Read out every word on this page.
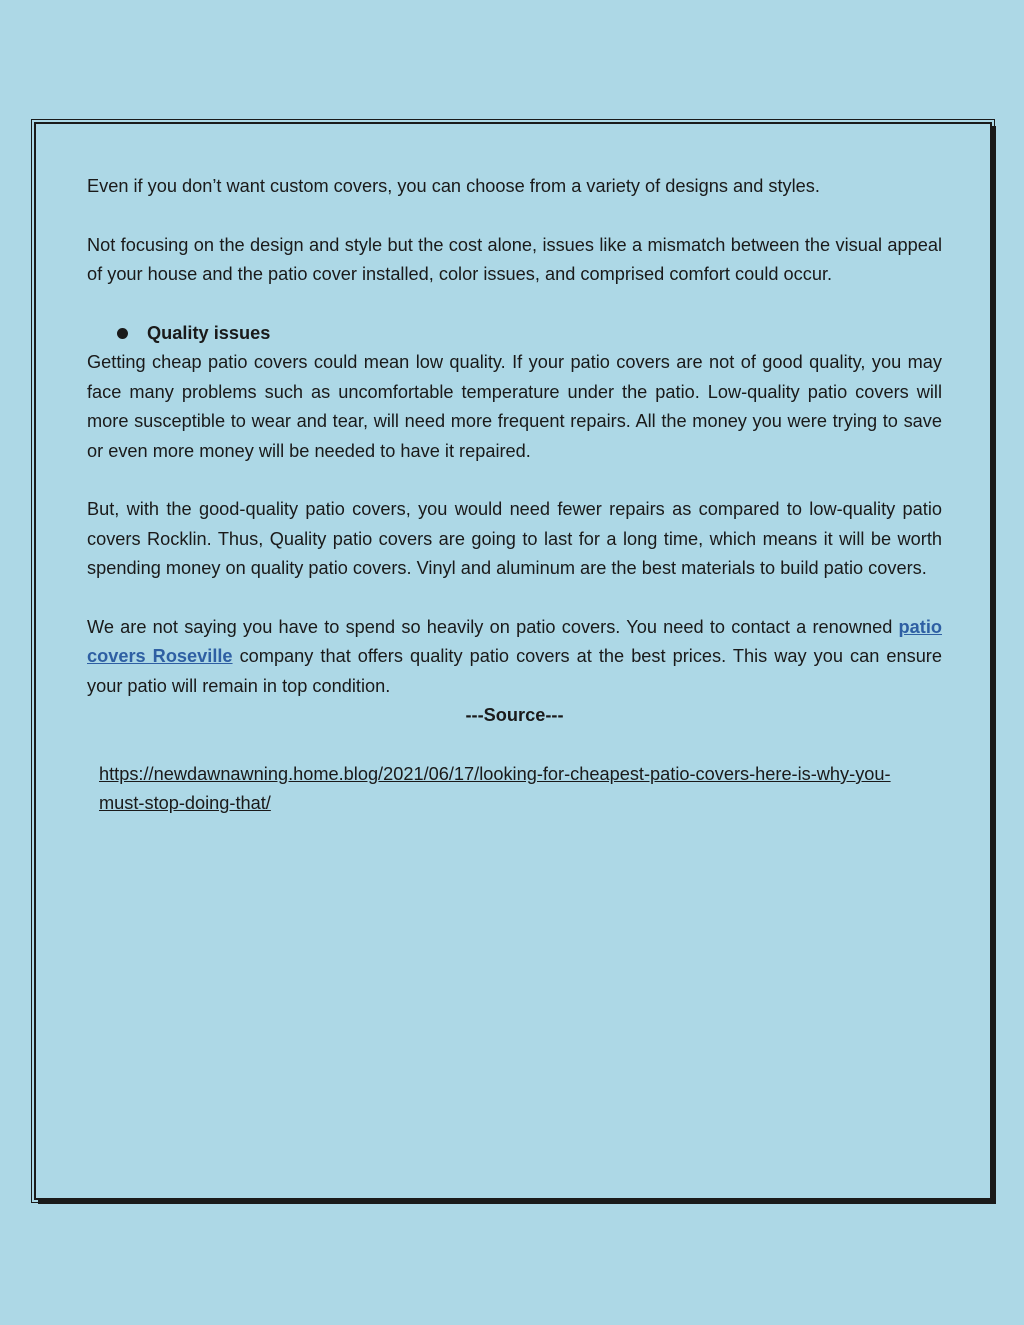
Even if you don’t want custom covers, you can choose from a variety of designs and styles.

Not focusing on the design and style but the cost alone, issues like a mismatch between the visual appeal of your house and the patio cover installed, color issues, and comprised comfort could occur.

Quality issues

Getting cheap patio covers could mean low quality. If your patio covers are not of good quality, you may face many problems such as uncomfortable temperature under the patio. Low-quality patio covers will more susceptible to wear and tear, will need more frequent repairs. All the money you were trying to save or even more money will be needed to have it repaired.

But, with the good-quality patio covers, you would need fewer repairs as compared to low-quality patio covers Rocklin. Thus, Quality patio covers are going to last for a long time, which means it will be worth spending money on quality patio covers. Vinyl and aluminum are the best materials to build patio covers.

We are not saying you have to spend so heavily on patio covers. You need to contact a renowned patio covers Roseville company that offers quality patio covers at the best prices. This way you can ensure your patio will remain in top condition.

---Source---

https://newdawnawning.home.blog/2021/06/17/looking-for-cheapest-patio-covers-here-is-why-you-must-stop-doing-that/
